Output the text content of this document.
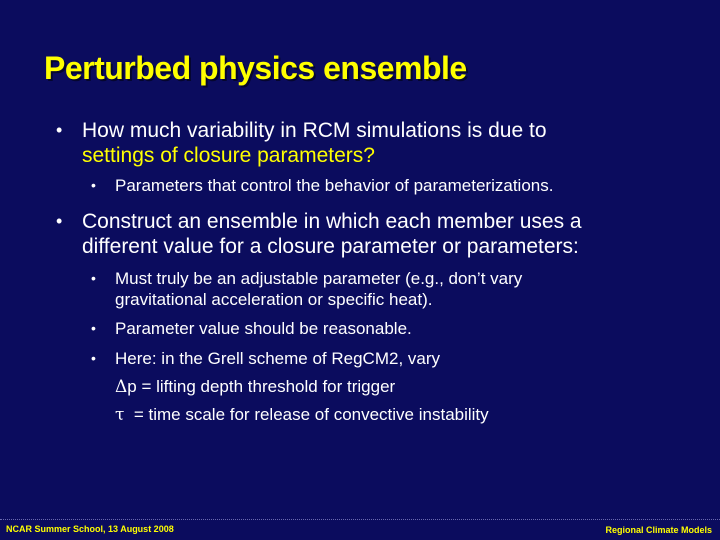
Perturbed physics ensemble
• How much variability in RCM simulations is due to
settings of closure parameters?
• Parameters that control the behavior of parameterizations.
• Construct an ensemble in which each member uses a
different value for a closure parameter or parameters:
• Must truly be an adjustable parameter (e.g., don’t vary
gravitational acceleration or specific heat).
• Parameter value should be reasonable.
• Here: in the Grell scheme of RegCM2, vary
Δp = lifting depth threshold for trigger
τ  = time scale for release of convective instability
NCAR Summer School, 13 August 2008	Regional Climate Models
